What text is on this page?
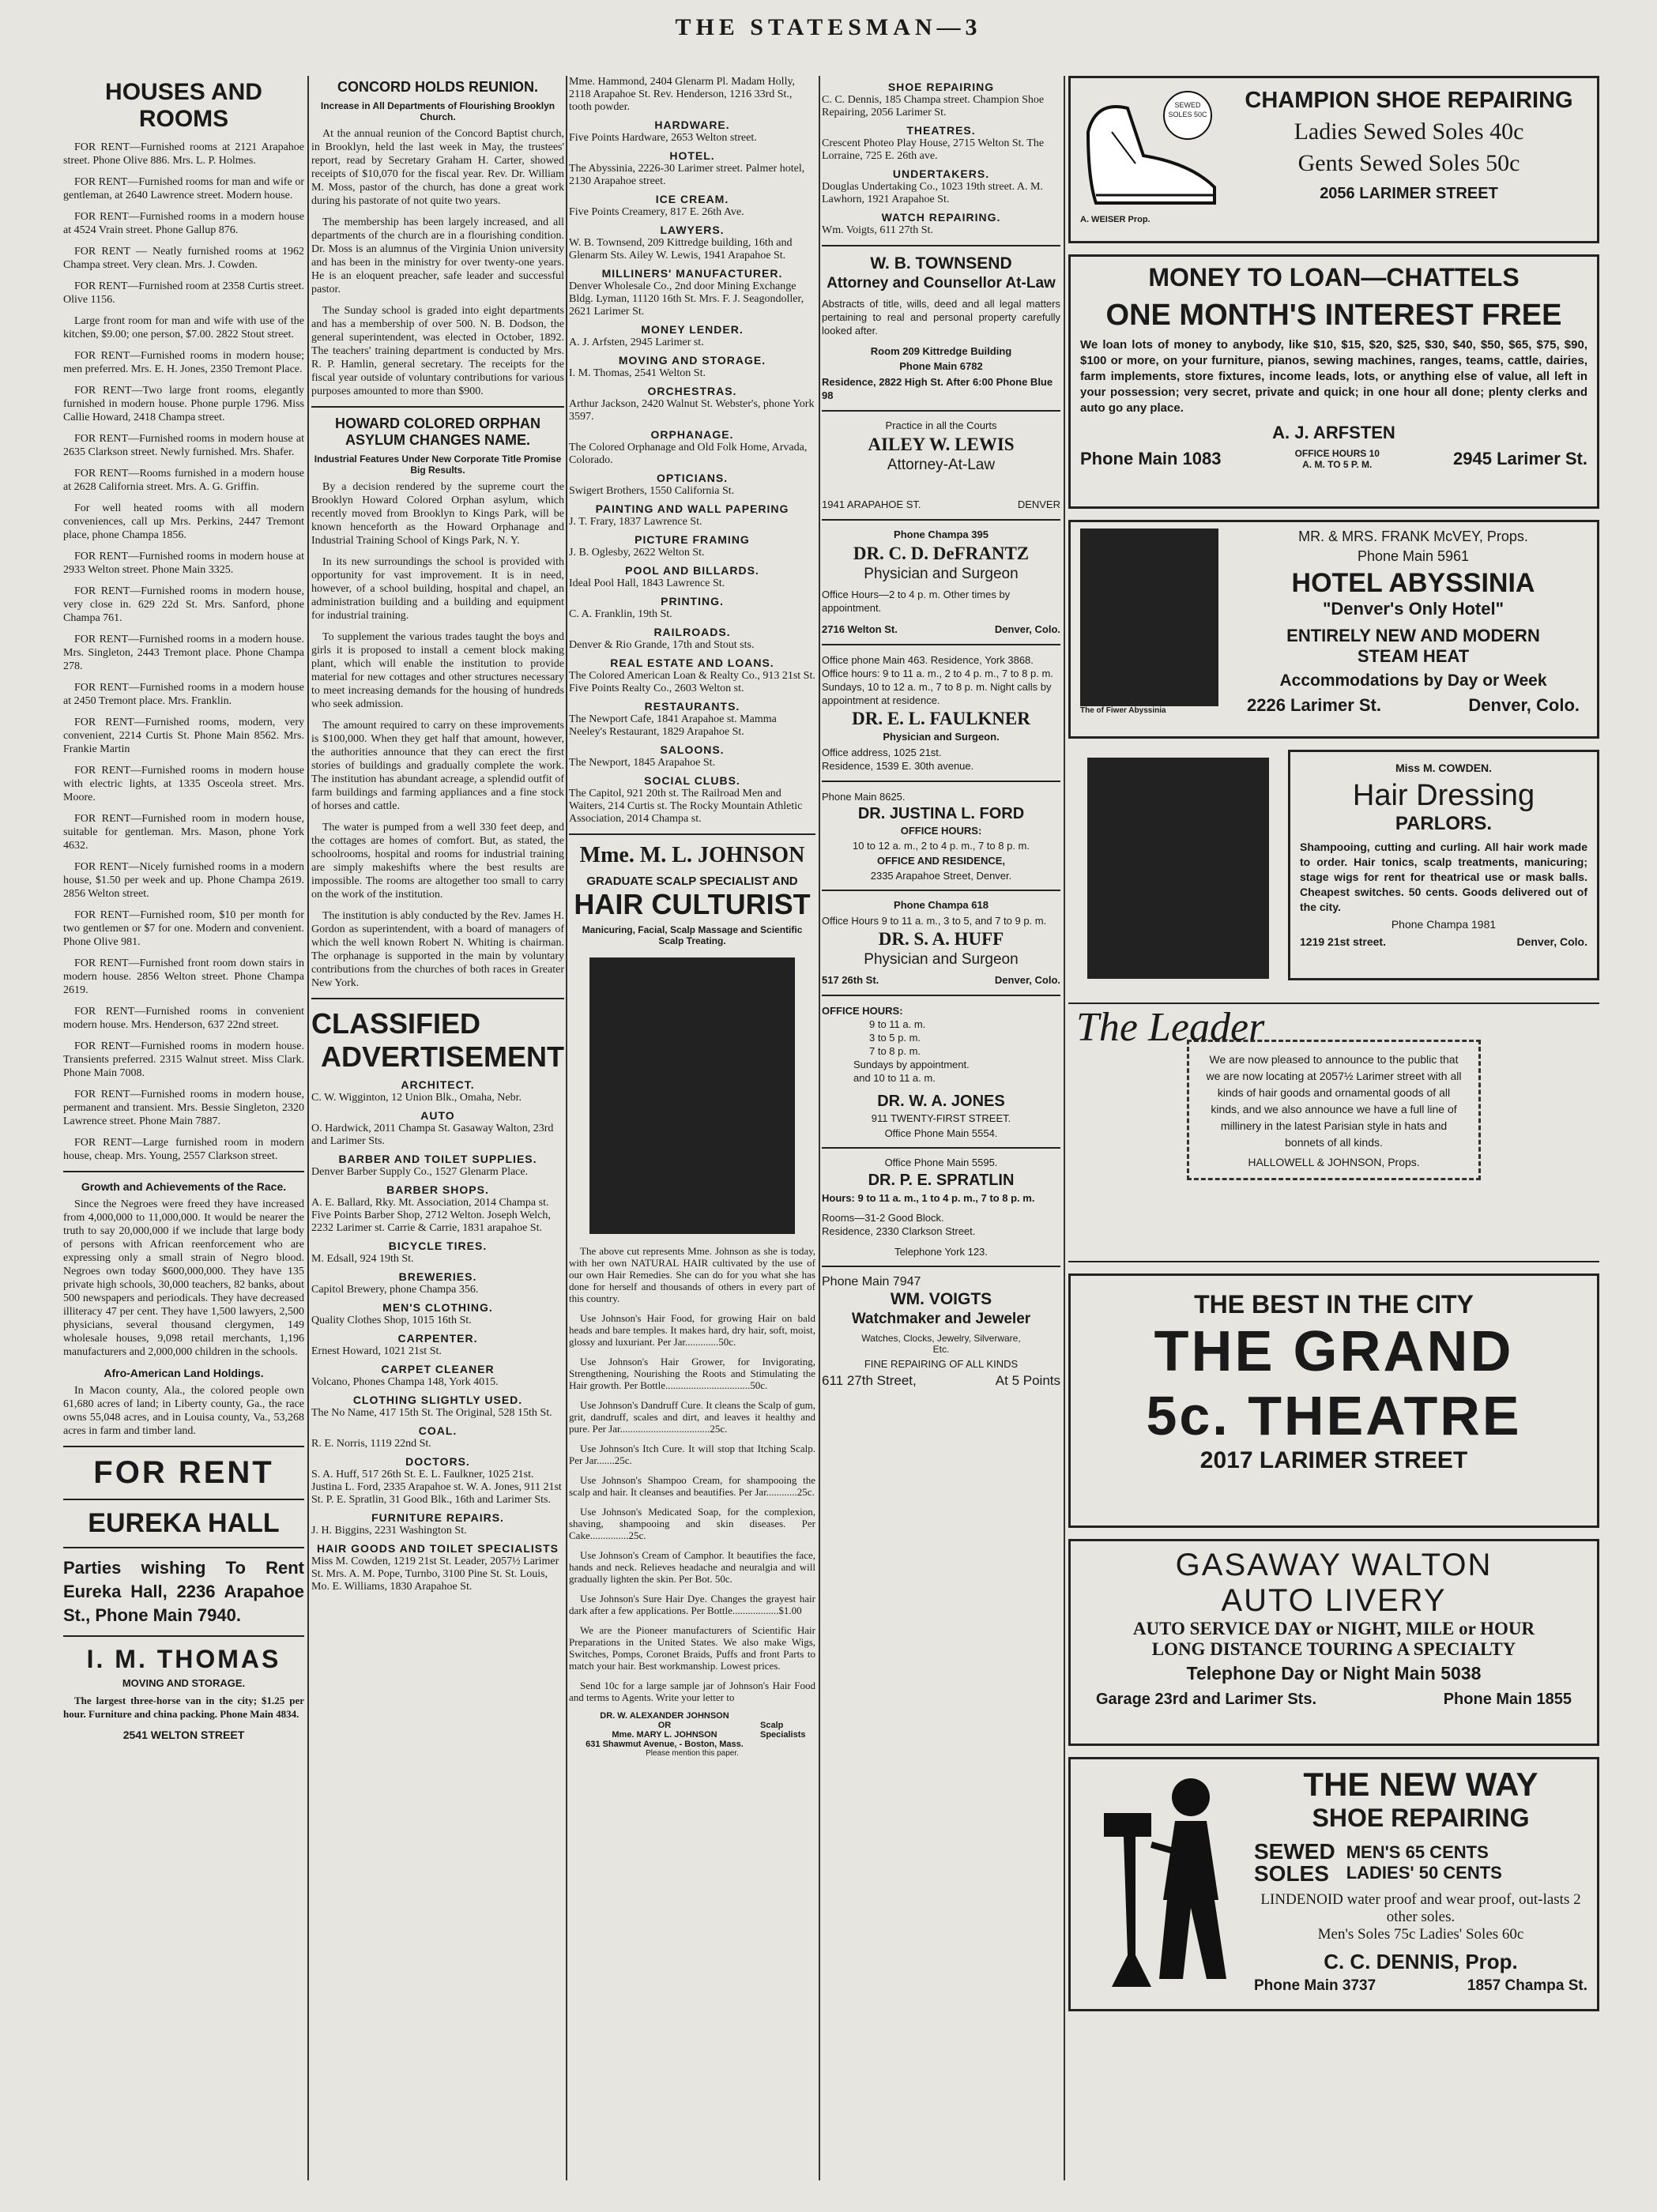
THE STATESMAN—3
HOUSES AND ROOMS

FOR RENT—Furnished rooms at 2121 Arapahoe street. Phone Olive 886. Mrs. L. P. Holmes.

FOR RENT—Furnished rooms for man and wife or gentleman, at 2640 Lawrence street. Modern house.

FOR RENT—Furnished rooms in a modern house at 4524 Vrain street. Phone Gallup 876.

FOR RENT — Neatly furnished rooms at 1962 Champa street. Very clean. Mrs. J. Cowden.

FOR RENT—Furnished room at 2358 Curtis street. Olive 1156.

Large front room for man and wife with use of the kitchen, $9.00; one person, $7.00. 2822 Stout street.

FOR RENT—Furnished rooms in modern house; men preferred. Mrs. E. H. Jones, 2350 Tremont Place.

FOR RENT—Two large front rooms, elegantly furnished in modern house. Phone purple 1796. Miss Callie Howard, 2418 Champa street.

FOR RENT—Furnished rooms in modern house at 2635 Clarkson street. Newly furnished. Mrs. Shafer.

FOR RENT—Rooms furnished in a modern house at 2628 California street. Mrs. A. G. Griffin.

For well heated rooms with all modern conveniences, call up Mrs. Perkins, 2447 Tremont place, phone Champa 1856.

FOR RENT—Furnished rooms in modern house at 2933 Welton street. Phone Main 3325.

FOR RENT—Furnished rooms in modern house, very close in. 629 22d St. Mrs. Sanford, phone Champa 761.

FOR RENT—Furnished rooms in a modern house. Mrs. Singleton, 2443 Tremont place. Phone Champa 278.

FOR RENT—Furnished rooms in a modern house at 2450 Tremont place. Mrs. Franklin.

FOR RENT—Furnished rooms, modern, very convenient, 2214 Curtis St. Phone Main 8562. Mrs. Frankie Martin

FOR RENT—Furnished rooms in modern house with electric lights, at 1335 Osceola street. Mrs. Moore.

FOR RENT—Furnished room in modern house, suitable for gentleman. Mrs. Mason, phone York 4632.

FOR RENT—Nicely furnished rooms in a modern house, $1.50 per week and up. Phone Champa 2619. 2856 Welton street.

FOR RENT—Furnished room, $10 per month for two gentlemen or $7 for one. Modern and convenient. Phone Olive 981.

FOR RENT—Furnished front room down stairs in modern house. 2856 Welton street. Phone Champa 2619.

FOR RENT—Furnished rooms in convenient modern house. Mrs. Henderson, 637 22nd street.

FOR RENT—Furnished rooms in modern house. Transients preferred. 2315 Walnut street. Miss Clark. Phone Main 7008.

FOR RENT—Furnished rooms in modern house, permanent and transient. Mrs. Bessie Singleton, 2320 Lawrence street. Phone Main 7887.

FOR RENT—Large furnished room in modern house, cheap. Mrs. Young, 2557 Clarkson street.

Growth and Achievements of the Race.

Since the Negroes were freed they have increased from 4,000,000 to 11,000,000. It would be nearer the truth to say 20,000,000 if we include that large body of persons with African reenforcement who are expressing only a small strain of Negro blood. Negroes own today $600,000,000. They have 135 private high schools, 30,000 teachers, 82 banks, about 500 newspapers and periodicals. They have decreased illiteracy 47 per cent. They have 1,500 lawyers, 2,500 physicians, several thousand clergymen, 149 wholesale houses, 9,098 retail merchants, 1,196 manufacturers and 2,000,000 children in the schools.

Afro-American Land Holdings.

In Macon county, Ala., the colored people own 61,680 acres of land; in Liberty county, Ga., the race owns 55,048 acres, and in Louisa county, Va., 53,268 acres in farm and timber land.

FOR RENT
EUREKA HALL
Parties wishing To Rent Eureka Hall, 2236 Arapahoe St., Phone Main 7940.
I. M. THOMAS
MOVING AND STORAGE.

The largest three-horse van in the city; $1.25 per hour. Furniture and china packing. Phone Main 4834.

2541 WELTON STREET
CONCORD HOLDS REUNION.
Increase in All Departments of Flourishing Brooklyn Church.

At the annual reunion of the Concord Baptist church, in Brooklyn, held the last week in May, the trustees' report, read by Secretary Graham H. Carter, showed receipts of $10,070 for the fiscal year. Rev. Dr. William M. Moss, pastor of the church, has done a great work during his pastorate of not quite two years.

The membership has been largely increased, and all departments of the church are in a flourishing condition. Dr. Moss is an alumnus of the Virginia Union university and has been in the ministry for over twenty-one years. He is an eloquent preacher, safe leader and successful pastor.

The Sunday school is graded into eight departments and has a membership of over 500. N. B. Dodson, the general superintendent, was elected in October, 1892. The teachers' training department is conducted by Mrs. R. P. Hamlin, general secretary. The receipts for the fiscal year outside of voluntary contributions for various purposes amounted to more than $900.

HOWARD COLORED ORPHAN ASYLUM CHANGES NAME.
Industrial Features Under New Corporate Title Promise Big Results.

By a decision rendered by the supreme court the Brooklyn Howard Colored Orphan asylum, which recently moved from Brooklyn to Kings Park, will be known henceforth as the Howard Orphanage and Industrial Training School of Kings Park, N. Y.

In its new surroundings the school is provided with opportunity for vast improvement. It is in need, however, of a school building, hospital and chapel, an administration building and a building and equipment for industrial training.

To supplement the various trades taught the boys and girls it is proposed to install a cement block making plant, which will enable the institution to provide material for new cottages and other structures necessary to meet increasing demands for the housing of hundreds who seek admission.

The amount required to carry on these improvements is $100,000. When they get half that amount, however, the authorities announce that they can erect the first stories of buildings and gradually complete the work. The institution has abundant acreage, a splendid outfit of farm buildings and farming appliances and a fine stock of horses and cattle.

The water is pumped from a well 330 feet deep, and the cottages are homes of comfort. But, as stated, the schoolrooms, hospital and rooms for industrial training are simply makeshifts where the best results are impossible. The rooms are altogether too small to carry on the work of the institution.

The institution is ably conducted by the Rev. James H. Gordon as superintendent, with a board of managers of which the well known Robert N. Whiting is chairman. The orphanage is supported in the main by voluntary contributions from the churches of both races in Greater New York.

CLASSIFIED
ADVERTISEMENT
ARCHITECT.

C. W. Wigginton, 12 Union Blk., Omaha, Nebr.

AUTO

O. Hardwick, 2011 Champa St. Gasaway Walton, 23rd and Larimer Sts.

BARBER AND TOILET SUPPLIES.

Denver Barber Supply Co., 1527 Glenarm Place.

BARBER SHOPS.

A. E. Ballard, Rky. Mt. Association, 2014 Champa st. Five Points Barber Shop, 2712 Welton. Joseph Welch, 2232 Larimer st. Carrie & Carrie, 1831 arapahoe St.

BICYCLE TIRES.

M. Edsall, 924 19th St.

BREWERIES.

Capitol Brewery, phone Champa 356.

MEN'S CLOTHING.

Quality Clothes Shop, 1015 16th St.

CARPENTER.

Ernest Howard, 1021 21st St.

CARPET CLEANER

Volcano, Phones Champa 148, York 4015.

CLOTHING SLIGHTLY USED.

The No Name, 417 15th St. The Original, 528 15th St.

COAL.

R. E. Norris, 1119 22nd St.

DOCTORS.

S. A. Huff, 517 26th St. E. L. Faulkner, 1025 21st. Justina L. Ford, 2335 Arapahoe st. W. A. Jones, 911 21st St. P. E. Spratlin, 31 Good Blk., 16th and Larimer Sts.

FURNITURE REPAIRS.

J. H. Biggins, 2231 Washington St.

HAIR GOODS AND TOILET SPECIALISTS

Miss M. Cowden, 1219 21st St. Leader, 2057½ Larimer St. Mrs. A. M. Pope, Turnbo, 3100 Pine St. St. Louis, Mo. E. Williams, 1830 Arapahoe St.

Mme. Hammond, 2404 Glenarm Pl. Madam Holly, 2118 Arapahoe St. Rev. Henderson, 1216 33rd St., tooth powder.

HARDWARE.

Five Points Hardware, 2653 Welton street.

HOTEL.

The Abyssinia, 2226-30 Larimer street. Palmer hotel, 2130 Arapahoe street.

ICE CREAM.

Five Points Creamery, 817 E. 26th Ave.

LAWYERS.

W. B. Townsend, 209 Kittredge building, 16th and Glenarm Sts. Ailey W. Lewis, 1941 Arapahoe St.

MILLINERS' MANUFACTURER.

Denver Wholesale Co., 2nd door Mining Exchange Bldg. Lyman, 11120 16th St. Mrs. F. J. Seagondoller, 2621 Larimer St.

MONEY LENDER.

A. J. Arfsten, 2945 Larimer st.

MOVING AND STORAGE.

I. M. Thomas, 2541 Welton St.

ORCHESTRAS.

Arthur Jackson, 2420 Walnut St. Webster's, phone York 3597.

ORPHANAGE.

The Colored Orphanage and Old Folk Home, Arvada, Colorado.

OPTICIANS.

Swigert Brothers, 1550 California St.

PAINTING AND WALL PAPERING

J. T. Frary, 1837 Lawrence St.

PICTURE FRAMING

J. B. Oglesby, 2622 Welton St.

POOL AND BILLARDS.

Ideal Pool Hall, 1843 Lawrence St.

PRINTING.

C. A. Franklin, 19th St.

RAILROADS.

Denver & Rio Grande, 17th and Stout sts.

REAL ESTATE AND LOANS.

The Colored American Loan & Realty Co., 913 21st St. Five Points Realty Co., 2603 Welton st.

RESTAURANTS.

The Newport Cafe, 1841 Arapahoe st. Mamma Neeley's Restaurant, 1829 Arapahoe St.

SALOONS.

The Newport, 1845 Arapahoe St.

SOCIAL CLUBS.

The Capitol, 921 20th st. The Railroad Men and Waiters, 214 Curtis st. The Rocky Mountain Athletic Association, 2014 Champa st.

Mme. M. L. JOHNSON
GRADUATE SCALP SPECIALIST AND
HAIR CULTURIST
Manicuring, Facial, Scalp Massage and Scientific Scalp Treating.

The above cut represents Mme. Johnson as she is today, with her own NATURAL HAIR cultivated by the use of our own Hair Remedies. She can do for you what she has done for herself and thousands of others in every part of this country.

Use Johnson's Hair Food, for growing Hair on bald heads and bare temples. It makes hard, dry hair, soft, moist, glossy and luxuriant. Per Jar.............50c.

Use Johnson's Hair Grower, for Invigorating, Strengthening, Nourishing the Roots and Stimulating the Hair growth. Per Bottle.................................50c.

Use Johnson's Dandruff Cure. It cleans the Scalp of gum, grit, dandruff, scales and dirt, and leaves it healthy and pure. Per Jar...................................25c.

Use Johnson's Itch Cure. It will stop that Itching Scalp. Per Jar.......25c.

Use Johnson's Shampoo Cream, for shampooing the scalp and hair. It cleanses and beautifies. Per Jar............25c.

Use Johnson's Medicated Soap, for the complexion, shaving, shampooing and skin diseases. Per Cake...............25c.

Use Johnson's Cream of Camphor. It beautifies the face, hands and neck. Relieves headache and neuralgia and will gradually lighten the skin. Per Bot. 50c.

Use Johnson's Sure Hair Dye. Changes the grayest hair dark after a few applications. Per Bottle..................$1.00

We are the Pioneer manufacturers of Scientific Hair Preparations in the United States. We also make Wigs, Switches, Pomps, Coronet Braids, Puffs and front Parts to match your hair. Best workmanship. Lowest prices.

Send 10c for a large sample jar of Johnson's Hair Food and terms to Agents. Write your letter to

DR. W. ALEXANDER JOHNSON
OR
Mme. MARY L. JOHNSON
631 Shawmut Avenue, - Boston, Mass.
Scalp Specialists
Please mention this paper.
SHOE REPAIRING

C. C. Dennis, 185 Champa street. Champion Shoe Repairing, 2056 Larimer St.

THEATRES.

Crescent Photeo Play House, 2715 Welton St. The Lorraine, 725 E. 26th ave.

UNDERTAKERS.

Douglas Undertaking Co., 1023 19th street. A. M. Lawhorn, 1921 Arapahoe St.

WATCH REPAIRING.

Wm. Voigts, 611 27th St.

W. B. TOWNSEND
Attorney and Counsellor At-Law
Abstracts of title, wills, deed and all legal matters pertaining to real and personal property carefully looked after.
Room 209 Kittredge Building
Phone Main 6782
Residence, 2822 High St. After 6:00 Phone Blue 98
Practice in all the Courts
AILEY W. LEWIS
Attorney-At-Law
1941 ARAPAHOE ST.	DENVER
Phone Champa 395
DR. C. D. DeFRANTZ
Physician and Surgeon
Office Hours—2 to 4 p. m. Other times by appointment.
2716 Welton St.	Denver, Colo.
Office phone Main 463. Residence, York 3868.
Office hours: 9 to 11 a. m., 2 to 4 p. m., 7 to 8 p. m.
Sundays, 10 to 12 a. m., 7 to 8 p. m. Night calls by appointment at residence.
DR. E. L. FAULKNER
Physician and Surgeon.
Office address, 1025 21st.
Residence, 1539 E. 30th avenue.
Phone Main 8625.
DR. JUSTINA L. FORD
OFFICE HOURS:
10 to 12 a. m., 2 to 4 p. m., 7 to 8 p. m.
OFFICE AND RESIDENCE,
2335 Arapahoe Street, Denver.
Phone Champa 618
Office Hours 9 to 11 a. m., 3 to 5, and 7 to 9 p. m.
DR. S. A. HUFF
Physician and Surgeon
517 26th St.	Denver, Colo.
OFFICE HOURS:
9 to 11 a. m.
3 to 5 p. m.
7 to 8 p. m.
Sundays by appointment.
and 10 to 11 a. m.
DR. W. A. JONES
911 TWENTY-FIRST STREET.
Office Phone Main 5554.
Office Phone Main 5595.
DR. P. E. SPRATLIN
Hours: 9 to 11 a. m., 1 to 4 p. m., 7 to 8 p. m.
Rooms—31-2 Good Block.
Residence, 2330 Clarkson Street.
Telephone York 123.
Phone Main 7947
WM. VOIGTS
Watchmaker and Jeweler
Watches, Clocks, Jewelry, Silverware, Etc.
FINE REPAIRING OF ALL KINDS
611 27th Street,	At 5 Points
SEWED SOLES 50C
A. WEISER Prop.
CHAMPION SHOE REPAIRING
Ladies Sewed Soles 40c
Gents Sewed Soles 50c
2056 LARIMER STREET
MONEY TO LOAN—CHATTELS
ONE MONTH'S INTEREST FREE
We loan lots of money to anybody, like $10, $15, $20, $25, $30, $40, $50, $65, $75, $90, $100 or more, on your furniture, pianos, sewing machines, ranges, teams, cattle, dairies, farm implements, store fixtures, income leads, lots, or anything else of value, all left in your possession; very secret, private and quick; in one hour all done; plenty clerks and auto go any place.
A. J. ARFSTEN
Phone Main 1083	OFFICE HOURS 10 A. M. TO 5 P. M.	2945 Larimer St.
The of Fiwer Abyssinia
MR. & MRS. FRANK McVEY, Props.
Phone Main 5961
HOTEL ABYSSINIA
"Denver's Only Hotel"
ENTIRELY NEW AND MODERN STEAM HEAT
Accommodations by Day or Week
2226 Larimer St.	Denver, Colo.
Miss M. COWDEN.
Hair Dressing
PARLORS.
Shampooing, cutting and curling. All hair work made to order. Hair tonics, scalp treatments, manicuring; stage wigs for rent for theatrical use or mask balls. Cheapest switches. 50 cents. Goods delivered out of the city.
Phone Champa 1981
1219 21st street.	Denver, Colo.
The Leader
We are now pleased to announce to the public that we are now locating at 2057½ Larimer street with all kinds of hair goods and ornamental goods of all kinds, and we also announce we have a full line of millinery in the latest Parisian style in hats and bonnets of all kinds.
HALLOWELL & JOHNSON, Props.
THE BEST IN THE CITY
THE GRAND
5c. THEATRE
2017 LARIMER STREET
GASAWAY WALTON
AUTO LIVERY
AUTO SERVICE DAY or NIGHT, MILE or HOUR
LONG DISTANCE TOURING A SPECIALTY
Telephone Day or Night Main 5038
Garage 23rd and Larimer Sts.	Phone Main 1855
THE NEW WAY
SHOE REPAIRING
SEWED
SOLES
MEN'S 65 CENTS
LADIES' 50 CENTS
LINDENOID water proof and wear proof, out-lasts 2 other soles.
Men's Soles 75c Ladies' Soles 60c
C. C. DENNIS, Prop.
Phone Main 3737	1857 Champa St.
